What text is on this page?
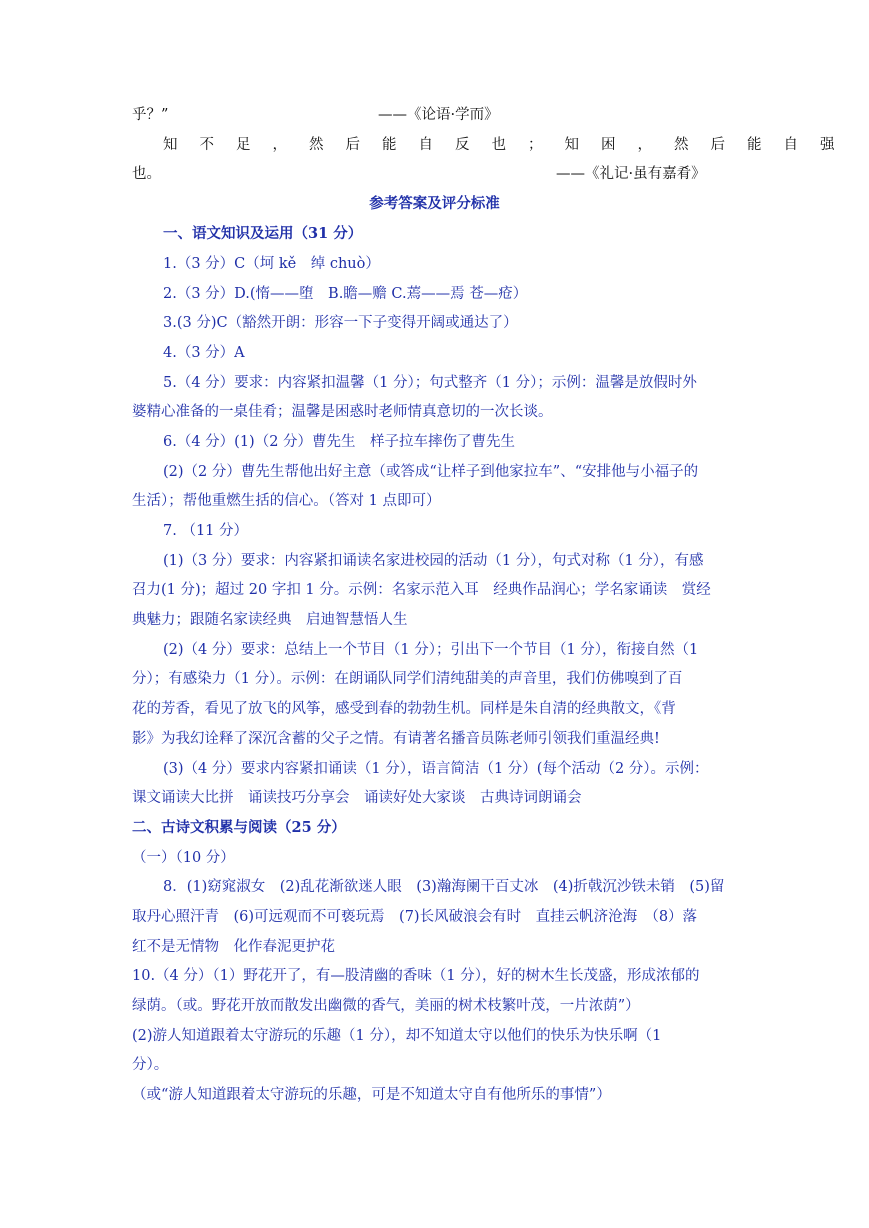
乎？”	——《论语·学而》
知不足，然后能自反也；知困，然后能自强
也。	——《礼记·虽有嘉肴》
参考答案及评分标准
一、语文知识及运用（31 分）
1.（3 分）C（坷 kě　绰 chuò）
2.（3 分）D.(惰——堕　B.瞻—赡 C.蔫——焉 苍—疮）
3.(3 分)C（豁然开朗：形容一下子变得开阔或通达了）
4.（3 分）A
5.（4 分）要求：内容紧扣温馨（1 分）；句式整齐（1 分）；示例：温馨是放假时外
婆精心准备的一桌佳肴；温馨是困惑时老师情真意切的一次长谈。
6.（4 分）(1)（2 分）曹先生　样子拉车摔伤了曹先生
(2)（2 分）曹先生帮他出好主意（或答成“让样子到他家拉车”、“安排他与小福子的
生活）；帮他重燃生括的信心。（答对 1 点即可）
7. （11 分）
(1)（3 分）要求：内容紧扣诵读名家进校园的活动（1 分），句式对称（1 分），有感
召力(1 分)；超过 20 字扣 1 分。示例：名家示范入耳　经典作品润心；学名家诵读　赏经
典魅力；跟随名家读经典　启迪智慧悟人生
(2)（4 分）要求：总结上一个节目（1 分）；引出下一个节目（1 分），衔接自然（1
分）；有感染力（1 分）。示例：在朗诵队同学们清纯甜美的声音里，我们仿佛嗅到了百
花的芳香，看见了放飞的风筝，感受到春的勃勃生机。同样是朱自清的经典散文，《背
影》为我幻诠释了深沉含蓄的父子之情。有请著名播音员陈老师引领我们重温经典!
(3)（4 分）要求内容紧扣诵读（1 分），语言简洁（1 分）(每个活动（2 分）。示例：
课文诵读大比拼　诵读技巧分享会　诵读好处大家谈　古典诗词朗诵会
二、古诗文积累与阅读（25 分）
（一）（10 分）
8．(1)窈窕淑女　(2)乱花渐欲迷人眼　(3)瀚海阑干百丈冰　(4)折戟沉沙铁未销　(5)留
取丹心照汗青　(6)可远观而不可亵玩焉　(7)长风破浪会有时　直挂云帆济沧海　（8）落
红不是无情物　化作春泥更护花
10.（4 分）（1）野花开了，有—股清幽的香味（1 分），好的树木生长茂盛，形成浓郁的
绿荫。（或。野花开放而散发出幽微的香气，美丽的树术枝繁叶茂，一片浓荫”）
(2)游人知道跟着太守游玩的乐趣（1 分），却不知道太守以他们的快乐为快乐啊（1
分）。
（或“游人知道跟着太守游玩的乐趣，可是不知道太守自有他所乐的事情”）
